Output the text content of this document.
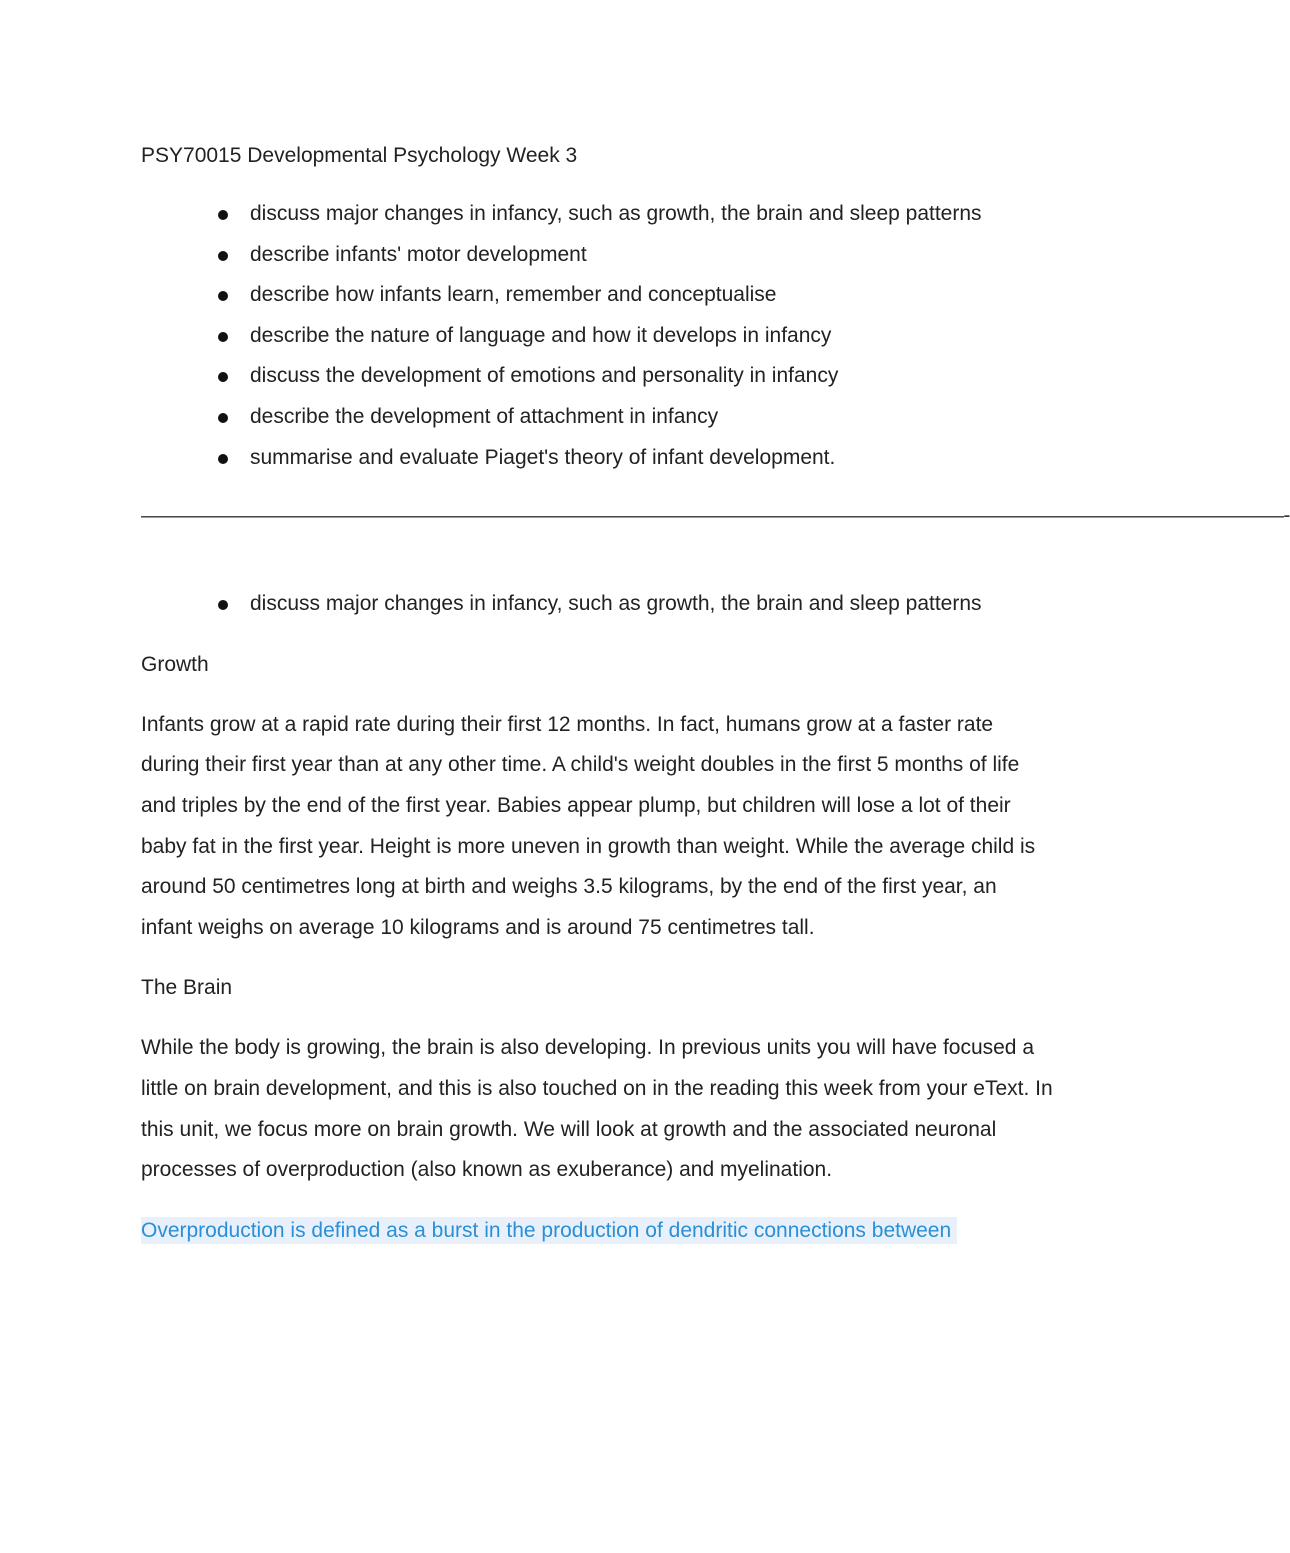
PSY70015 Developmental Psychology Week 3

discuss major changes in infancy, such as growth, the brain and sleep patterns
describe infants' motor development
describe how infants learn, remember and conceptualise
describe the nature of language and how it develops in infancy
discuss the development of emotions and personality in infancy
describe the development of attachment in infancy
summarise and evaluate Piaget's theory of infant development.
————————————————————————————————————————————————————————-
discuss major changes in infancy, such as growth, the brain and sleep patterns

Growth

Infants grow at a rapid rate during their first 12 months. In fact, humans grow at a faster rate during their first year than at any other time. A child's weight doubles in the first 5 months of life and triples by the end of the first year. Babies appear plump, but children will lose a lot of their baby fat in the first year. Height is more uneven in growth than weight. While the average child is around 50 centimetres long at birth and weighs 3.5 kilograms, by the end of the first year, an infant weighs on average 10 kilograms and is around 75 centimetres tall.

The Brain

While the body is growing, the brain is also developing. In previous units you will have focused a little on brain development, and this is also touched on in the reading this week from your eText. In this unit, we focus more on brain growth. We will look at growth and the associated neuronal processes of overproduction (also known as exuberance) and myelination.

Overproduction is defined as a burst in the production of dendritic connections between
